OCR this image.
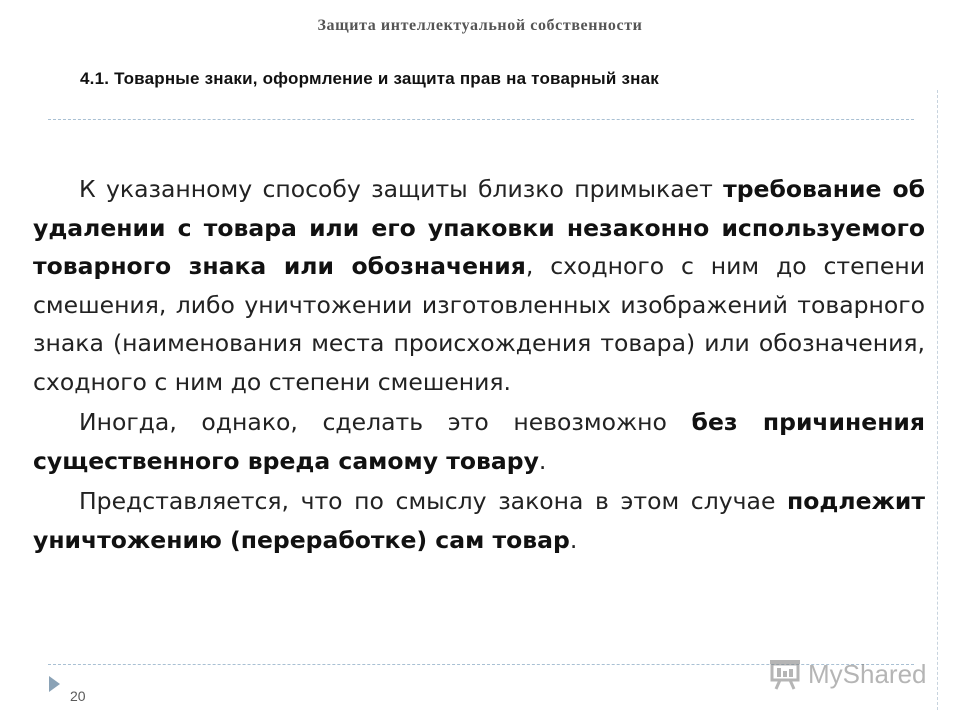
Защита интеллектуальной собственности
4.1. Товарные знаки, оформление и защита прав на товарный знак

К указанному способу защиты близко примыкает требование об удалении с товара или его упаковки незаконно используемого товарного знака или обозначения, сходного с ним до степени смешения, либо уничтожении изготовленных изображений товарного знака (наименования места происхождения товара) или обозначения, сходного с ним до степени смешения.

Иногда, однако, сделать это невозможно без причинения существенного вреда самому товару.

Представляется, что по смыслу закона в этом случае подлежит уничтожению (переработке) сам товар.

20
MyShared
